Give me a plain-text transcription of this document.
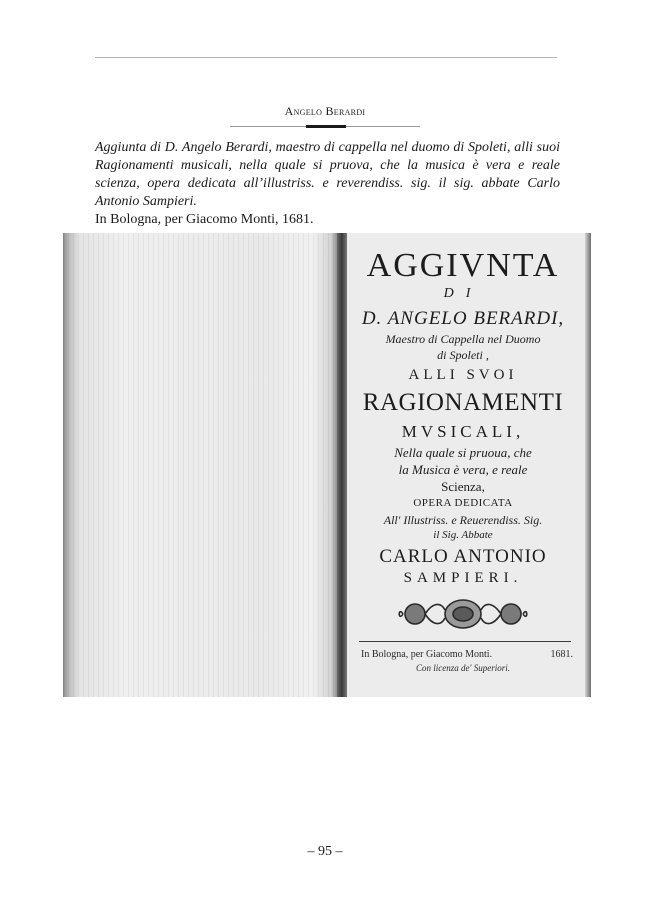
Angelo Berardi
Aggiunta di D. Angelo Berardi, maestro di cappella nel duomo di Spoleti, alli suoi Ragionamenti musicali, nella quale si pruova, che la musica è vera e reale scienza, opera dedicata all’illustriss. e reverendiss. sig. il sig. abbate Carlo Antonio Sampieri.
In Bologna, per Giacomo Monti, 1681.
AGGIVNTA
DI
D. ANGELO BERARDI,
Maestro di Cappella nel Duomo
di Spoleti ,
ALLI SVOI
RAGIONAMENTI
MVSICALI,
Nella quale si pruoua, che
la Musica è vera, e reale
Scienza,
OPERA DEDICATA
All' Illustriss. e Reuerendiss. Sig.
il Sig. Abbate
CARLO ANTONIO
SAMPIERI.
In Bologna, per Giacomo Monti.	1681.
Con licenza de' Superiori.
– 95 –
